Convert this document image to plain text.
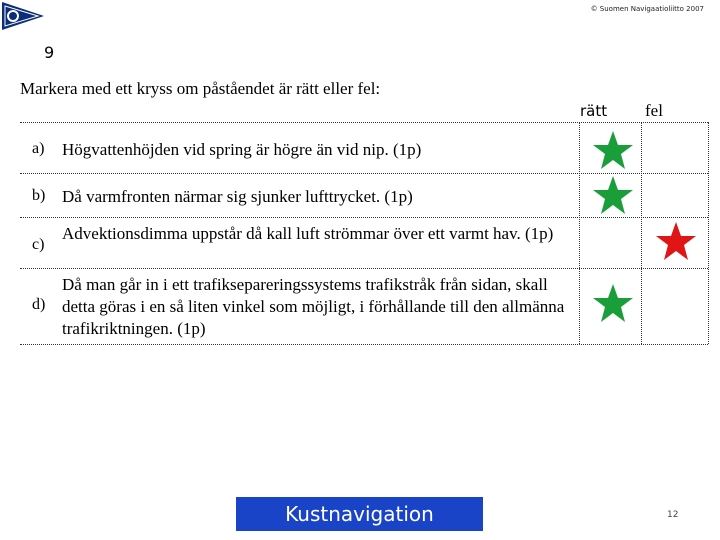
© Suomen Navigaatioliitto 2007
9
Markera med ett kryss om påståendet är rätt eller fel:
rätt fel
a) Högvattenhöjden vid spring är högre än vid nip. (1p)
b) Då varmfronten närmar sig sjunker lufttrycket. (1p)
c)
Advektionsdimma uppstår då kall luft strömmar över ett varmt hav. (1p)
d)
Då man går in i ett trafiksepareringssystems trafikstråk från sidan, skall detta göras i en så liten vinkel som möjligt, i förhållande till den allmänna trafikriktningen. (1p)
Kustnavigation	12
